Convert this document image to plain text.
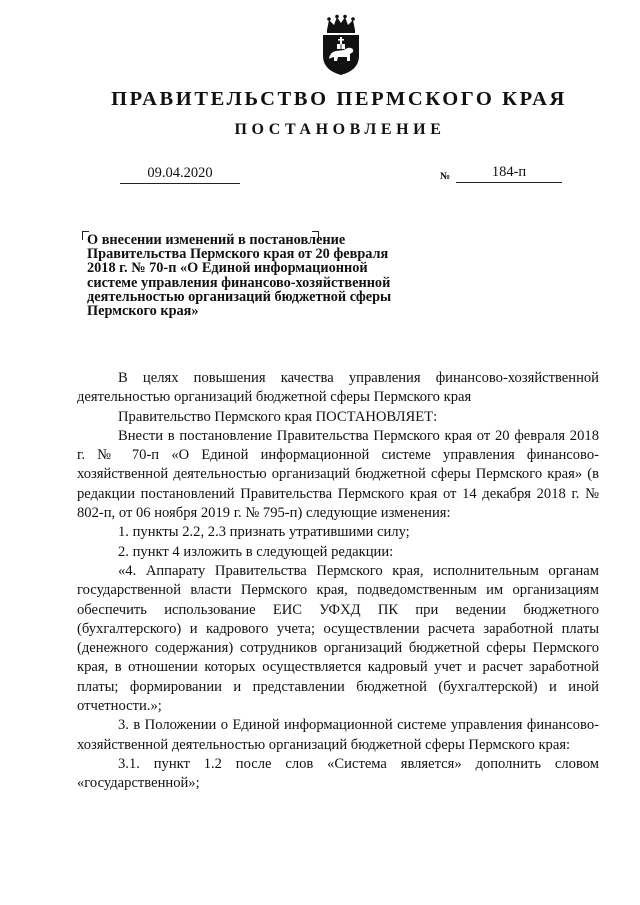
ПРАВИТЕЛЬСТВО ПЕРМСКОГО КРАЯ
ПОСТАНОВЛЕНИЕ
09.04.2020	№	184-п
О внесении изменений в постановление
Правительства Пермского края от 20 февраля
2018 г. № 70-п «О Единой информационной
системе управления финансово-хозяйственной
деятельностью организаций бюджетной сферы
Пермского края»

В целях повышения качества управления финансово-хозяйственной деятельностью организаций бюджетной сферы Пермского края

Правительство Пермского края ПОСТАНОВЛЯЕТ:

Внести в постановление Правительства Пермского края от 20 февраля 2018 г. № 70-п «О Единой информационной системе управления финансово-хозяйственной деятельностью организаций бюджетной сферы Пермского края» (в редакции постановлений Правительства Пермского края от 14 декабря 2018 г. № 802-п, от 06 ноября 2019 г. № 795-п) следующие изменения:

1. пункты 2.2, 2.3 признать утратившими силу;

2. пункт 4 изложить в следующей редакции:

«4. Аппарату Правительства Пермского края, исполнительным органам государственной власти Пермского края, подведомственным им организациям обеспечить использование ЕИС УФХД ПК при ведении бюджетного (бухгалтерского) и кадрового учета; осуществлении расчета заработной платы (денежного содержания) сотрудников организаций бюджетной сферы Пермского края, в отношении которых осуществляется кадровый учет и расчет заработной платы; формировании и представлении бюджетной (бухгалтерской) и иной отчетности.»;

3. в Положении о Единой информационной системе управления финансово-хозяйственной деятельностью организаций бюджетной сферы Пермского края:

3.1. пункт 1.2 после слов «Система является» дополнить словом «государственной»;
